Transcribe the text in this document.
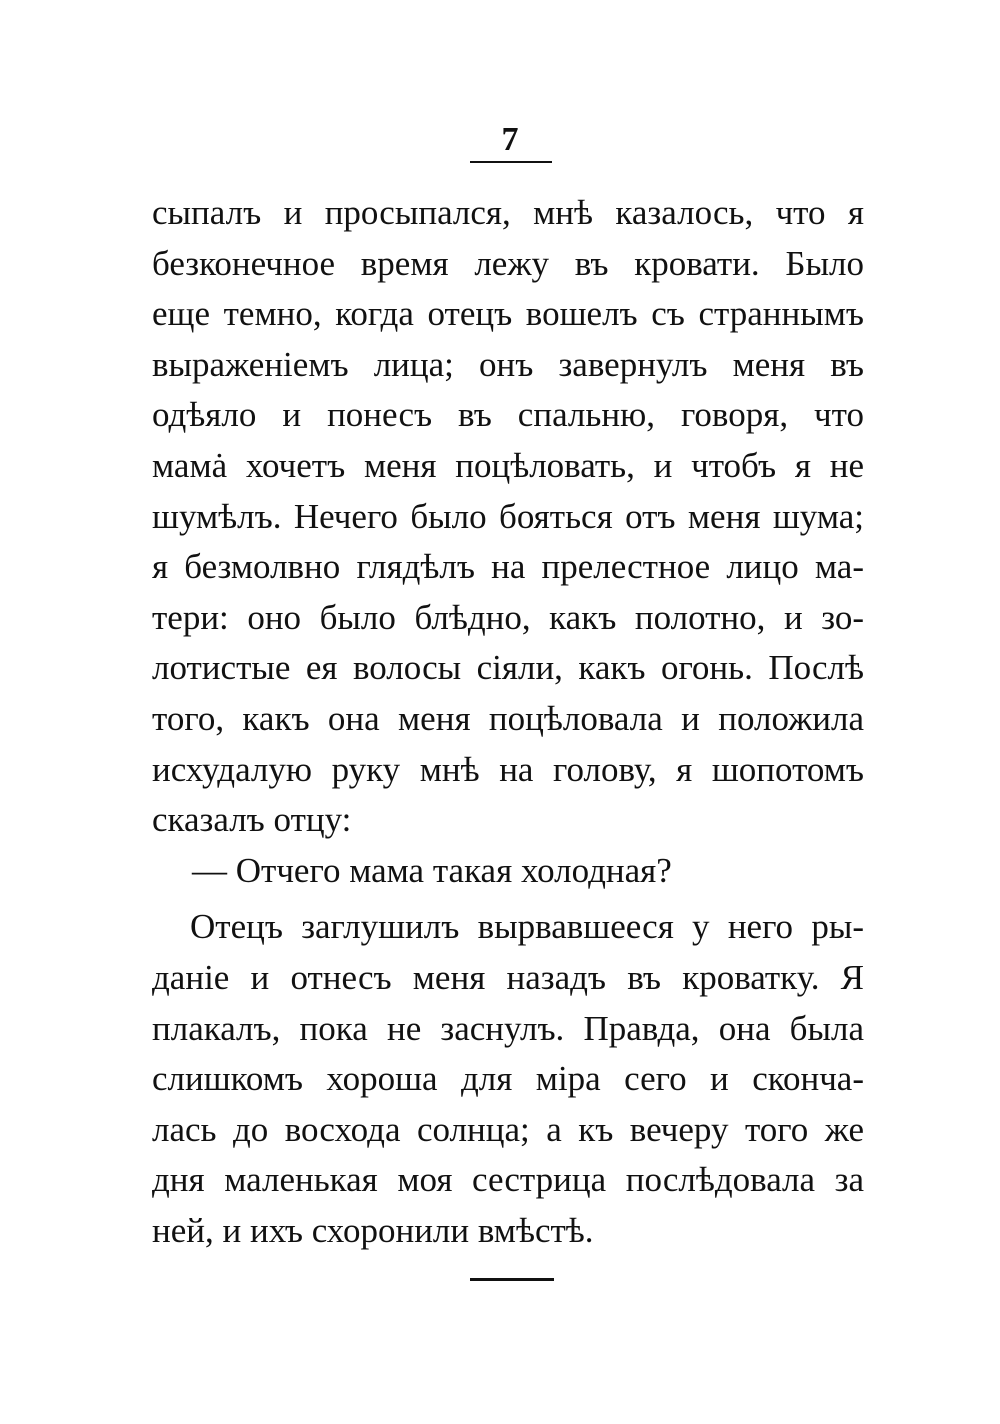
7
сыпалъ и просыпался, мнѣ казалось, что я
безконечное время лежу въ кровати. Было
еще темно, когда отецъ вошелъ съ страннымъ
выраженіемъ лица; онъ завернулъ меня въ
одѣяло и понесъ въ спальню, говоря, что
мамȧ хочетъ меня поцѣловать, и чтобъ я не
шумѣлъ. Нечего было бояться отъ меня шума;
я безмолвно глядѣлъ на прелестное лицо ма-
тери: оно было блѣдно, какъ полотно, и зо-
лотистые ея волосы сіяли, какъ огонь. Послѣ
того, какъ она меня поцѣловала и положила
исхудалую руку мнѣ на голову, я шопотомъ
сказалъ отцу:
— Отчего мама такая холодная?
Отецъ заглушилъ вырвавшееся у него ры-
даніе и отнесъ меня назадъ въ кроватку. Я
плакалъ, пока не заснулъ. Правда, она была
слишкомъ хороша для міра сего и скончa-
лась до восхода солнца; а къ вечеру того же
дня маленькая моя сестрица послѣдовала за
ней, и ихъ схоронили вмѣстѣ.
